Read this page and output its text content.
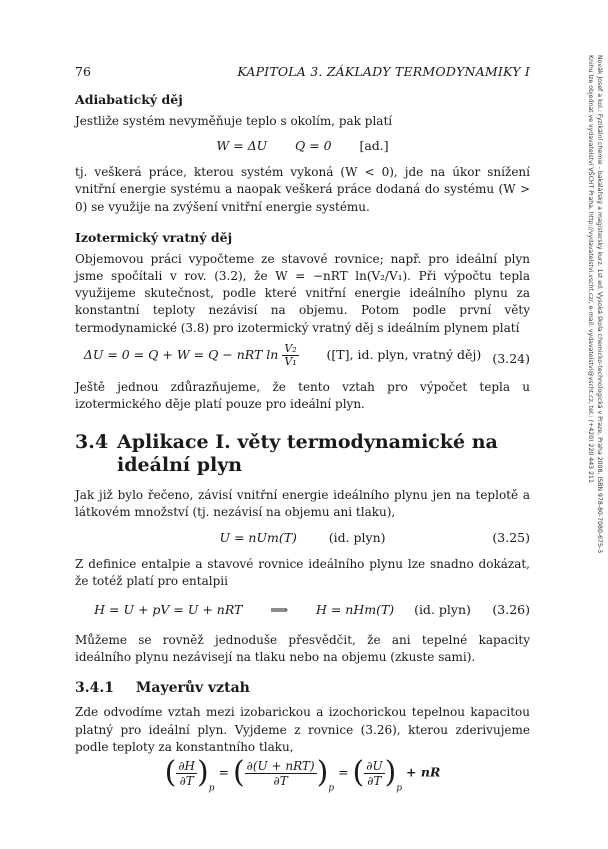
76	KAPITOLA 3. ZÁKLADY TERMODYNAMIKY I
Adiabatický děj

Jestliže systém nevyměňuje teplo s okolím, pak platí

W = ΔU Q = 0 [ad.]

tj. veškerá práce, kterou systém vykoná (W < 0), jde na úkor snížení vnitřní energie systému a naopak veškerá práce dodaná do systému (W > 0) se využije na zvýšení vnitřní energie systému.

Izotermický vratný děj

Objemovou práci vypočteme ze stavové rovnice; např. pro ideální plyn jsme spočítali v rov. (3.2), že W = −nRT ln(V₂/V₁). Při výpočtu tepla využijeme skutečnost, podle které vnitřní energie ideálního plynu za konstantní teploty nezávisí na objemu. Potom podle první věty termodynamické (3.8) pro izotermický vratný děj s ideálním plynem platí

ΔU = 0 = Q + W = Q − nRT $\ln \frac{\text{V₂}}{\text{V₁}} ([T]$, id. plyn, vratný děj) (3.24)

Ještě jednou zdůrazňujeme, že tento vztah pro výpočet tepla u izotermického děje platí pouze pro ideální plyn.

3.4 Aplikace I. věty termodynamické na ideální plyn

Jak již bylo řečeno, závisí vnitřní energie ideálního plynu jen na teplotě a látkovém množství (tj. nezávisí na objemu ani tlaku),

U = nUm(T)	(id. plyn)	(3.25)

Z definice entalpie a stavové rovnice ideálního plynu lze snadno dokázat, že totéž platí pro entalpii

H = U + pV = U + nRT ⟹ H = nHm(T) (id. plyn)	(3.26)

Můžeme se rovněž jednoduše přesvědčit, že ani tepelné kapacity ideálního plynu nezávisejí na tlaku nebo na objemu (zkuste sami).

3.4.1 Mayerův vztah

Zde odvodíme vztah mezi izobarickou a izochorickou tepelnou kapacitou platný pro ideální plyn. Vyjdeme z rovnice (3.26), kterou zderivujeme podle teploty za konstantního tlaku,

( $\frac{\partial H}{\partial T} )_p$ = ( ∂(U + nRT)
∂T )$_p$ = ( $\frac{\partial U}{\partial T} )_p$ + nR
Novák Josef a kol.: Fyzikální chemie - bakalářský a magisterský kurz. 1st ed. Vysoká škola chemicko-technologická v Praze, Praha 2008. ISBN 978-80-7080-675-3
Knihu lze objednat ve vydavatelství VŠCHT Praha, http://vydavatelstvi.vscht.cz/, e-mail: vydavatelstvi@vscht.cz, tel.: (+420) 220 443 211
